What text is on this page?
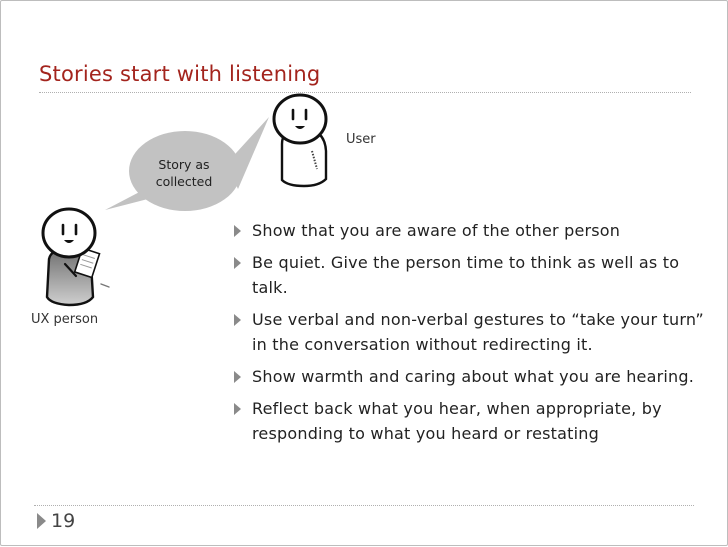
Stories start with listening
Story as collected
User
UX person
Show that you are aware of the other person
Be quiet. Give the person time to think as well as to talk.
Use verbal and non-verbal gestures to “take your turn” in the conversation without redirecting it.
Show warmth and caring about what you are hearing.
Reflect back what you hear, when appropriate, by responding to what you heard or restating
19
